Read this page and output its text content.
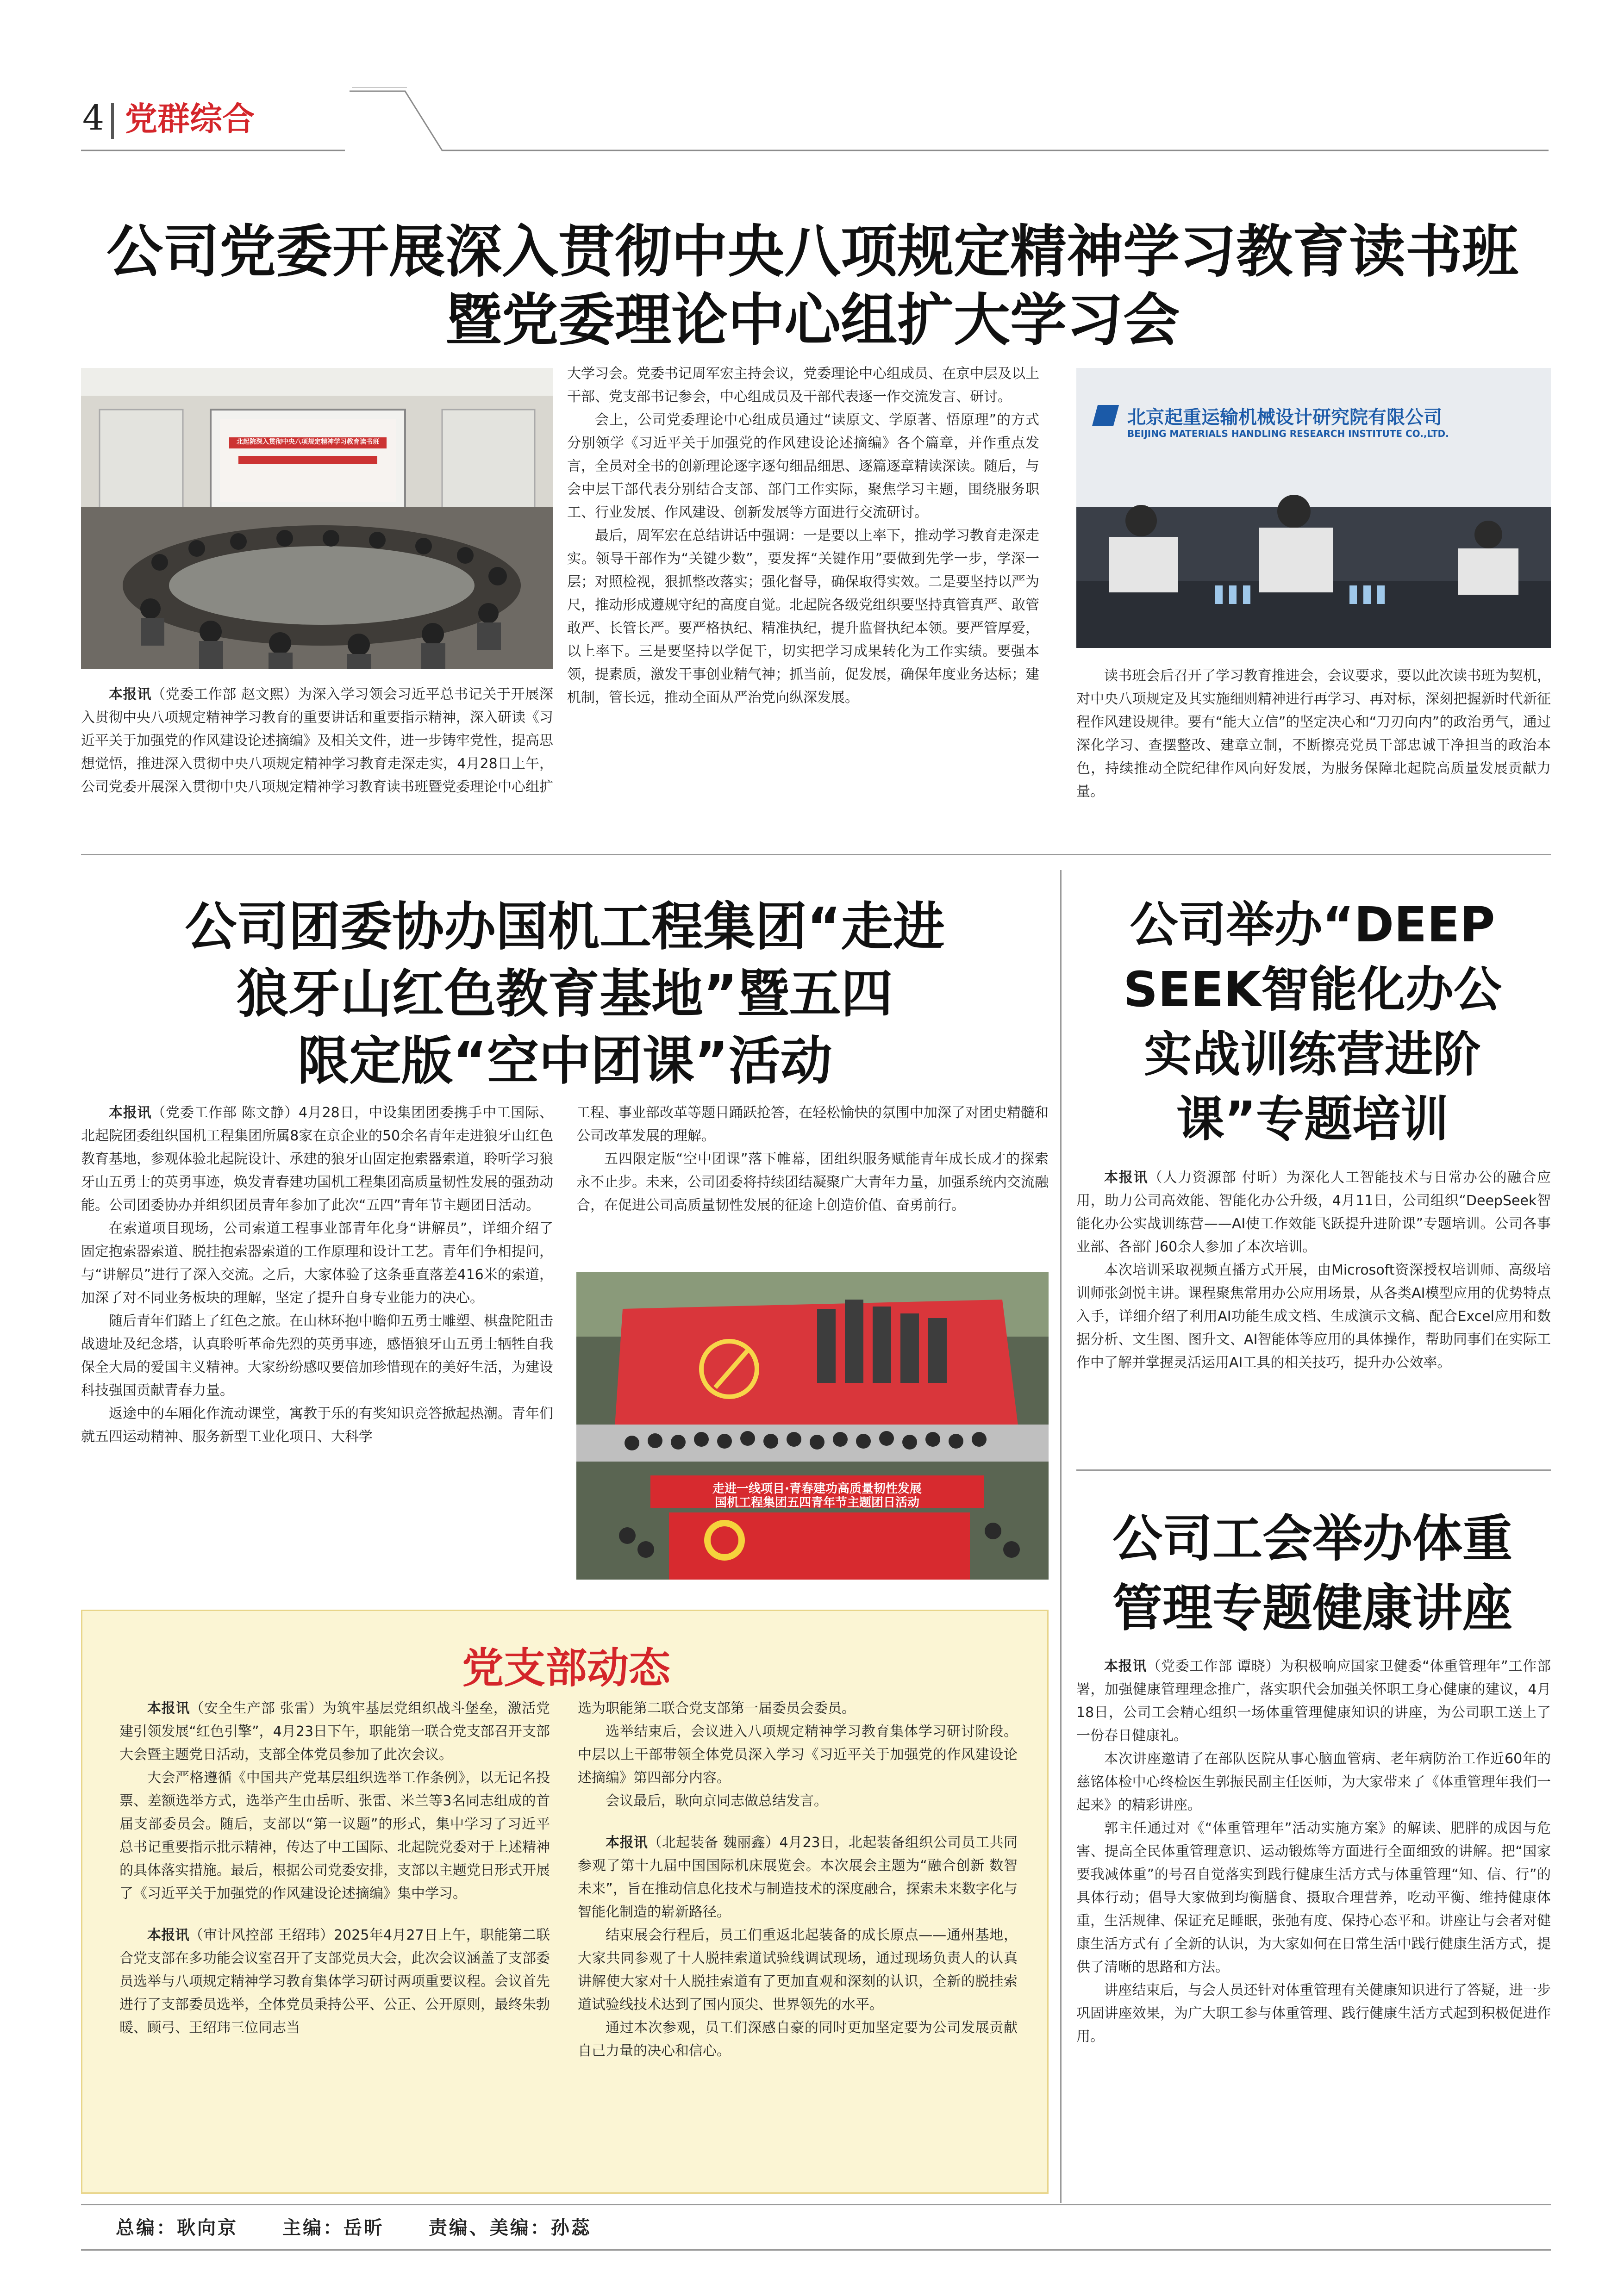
4 党群综合
公司党委开展深入贯彻中央八项规定精神学习教育读书班
暨党委理论中心组扩大学习会
北起院深入贯彻中央八项规定精神学习教育读书班

本报讯（党委工作部 赵文熙）为深入学习领会习近平总书记关于开展深入贯彻中央八项规定精神学习教育的重要讲话和重要指示精神，深入研读《习近平关于加强党的作风建设论述摘编》及相关文件，进一步铸牢党性，提高思想觉悟，推进深入贯彻中央八项规定精神学习教育走深走实，4月28日上午，公司党委开展深入贯彻中央八项规定精神学习教育读书班暨党委理论中心组扩

大学习会。党委书记周军宏主持会议，党委理论中心组成员、在京中层及以上干部、党支部书记参会，中心组成员及干部代表逐一作交流发言、研讨。

会上，公司党委理论中心组成员通过“读原文、学原著、悟原理”的方式分别领学《习近平关于加强党的作风建设论述摘编》各个篇章，并作重点发言，全员对全书的创新理论逐字逐句细品细思、逐篇逐章精读深读。随后，与会中层干部代表分别结合支部、部门工作实际，聚焦学习主题，围绕服务职工、行业发展、作风建设、创新发展等方面进行交流研讨。

最后，周军宏在总结讲话中强调：一是要以上率下，推动学习教育走深走实。领导干部作为“关键少数”，要发挥“关键作用”要做到先学一步，学深一层；对照检视，狠抓整改落实；强化督导，确保取得实效。二是要坚持以严为尺，推动形成遵规守纪的高度自觉。北起院各级党组织要坚持真管真严、敢管敢严、长管长严。要严格执纪、精准执纪，提升监督执纪本领。要严管厚爱，以上率下。三是要坚持以学促干，切实把学习成果转化为工作实绩。要强本领，提素质，激发干事创业精气神；抓当前，促发展，确保年度业务达标；建机制，管长远，推动全面从严治党向纵深发展。

北京起重运输机械设计研究院有限公司
BEIJING MATERIALS HANDLING RESEARCH INSTITUTE CO.,LTD.

读书班会后召开了学习教育推进会，会议要求，要以此次读书班为契机，对中央八项规定及其实施细则精神进行再学习、再对标，深刻把握新时代新征程作风建设规律。要有“能大立信”的坚定决心和“刀刃向内”的政治勇气，通过深化学习、查摆整改、建章立制，不断擦亮党员干部忠诚干净担当的政治本色，持续推动全院纪律作风向好发展，为服务保障北起院高质量发展贡献力量。

公司团委协办国机工程集团“走进
狼牙山红色教育基地”暨五四
限定版“空中团课”活动

本报讯（党委工作部 陈文静）4月28日，中设集团团委携手中工国际、北起院团委组织国机工程集团所属8家在京企业的50余名青年走进狼牙山红色教育基地，参观体验北起院设计、承建的狼牙山固定抱索器索道，聆听学习狼牙山五勇士的英勇事迹，焕发青春建功国机工程集团高质量韧性发展的强劲动能。公司团委协办并组织团员青年参加了此次“五四”青年节主题团日活动。

在索道项目现场，公司索道工程事业部青年化身“讲解员”，详细介绍了固定抱索器索道、脱挂抱索器索道的工作原理和设计工艺。青年们争相提问，与“讲解员”进行了深入交流。之后，大家体验了这条垂直落差416米的索道，加深了对不同业务板块的理解，坚定了提升自身专业能力的决心。

随后青年们踏上了红色之旅。在山林环抱中瞻仰五勇士雕塑、棋盘陀阻击战遗址及纪念塔，认真聆听革命先烈的英勇事迹，感悟狼牙山五勇士牺牲自我保全大局的爱国主义精神。大家纷纷感叹要倍加珍惜现在的美好生活，为建设科技强国贡献青春力量。

返途中的车厢化作流动课堂，寓教于乐的有奖知识竞答掀起热潮。青年们就五四运动精神、服务新型工业化项目、大科学

工程、事业部改革等题目踊跃抢答，在轻松愉快的氛围中加深了对团史精髓和公司改革发展的理解。

五四限定版“空中团课”落下帷幕，团组织服务赋能青年成长成才的探索永不止步。未来，公司团委将持续团结凝聚广大青年力量，加强系统内交流融合，在促进公司高质量韧性发展的征途上创造价值、奋勇前行。

走进一线项目·青春建功高质量韧性发展
国机工程集团五四青年节主题团日活动
公司举办“DEEP
SEEK智能化办公
实战训练营进阶
课”专题培训

本报讯（人力资源部 付昕）为深化人工智能技术与日常办公的融合应用，助力公司高效能、智能化办公升级，4月11日，公司组织“DeepSeek智能化办公实战训练营——AI使工作效能飞跃提升进阶课”专题培训。公司各事业部、各部门60余人参加了本次培训。

本次培训采取视频直播方式开展，由Microsoft资深授权培训师、高级培训师张剑悦主讲。课程聚焦常用办公应用场景，从各类AI模型应用的优势特点入手，详细介绍了利用AI功能生成文档、生成演示文稿、配合Excel应用和数据分析、文生图、图升文、AI智能体等应用的具体操作，帮助同事们在实际工作中了解并掌握灵活运用AI工具的相关技巧，提升办公效率。

公司工会举办体重
管理专题健康讲座

本报讯（党委工作部 谭晓）为积极响应国家卫健委“体重管理年”工作部署，加强健康管理理念推广，落实职代会加强关怀职工身心健康的建议，4月18日，公司工会精心组织一场体重管理健康知识的讲座，为公司职工送上了一份春日健康礼。

本次讲座邀请了在部队医院从事心脑血管病、老年病防治工作近60年的慈铭体检中心终检医生郭振民副主任医师，为大家带来了《体重管理年我们一起来》的精彩讲座。

郭主任通过对《“体重管理年”活动实施方案》的解读、肥胖的成因与危害、提高全民体重管理意识、运动锻炼等方面进行全面细致的讲解。把“国家要我减体重”的号召自觉落实到践行健康生活方式与体重管理“知、信、行”的具体行动；倡导大家做到均衡膳食、摄取合理营养，吃动平衡、维持健康体重，生活规律、保证充足睡眠，张弛有度、保持心态平和。讲座让与会者对健康生活方式有了全新的认识，为大家如何在日常生活中践行健康生活方式，提供了清晰的思路和方法。

讲座结束后，与会人员还针对体重管理有关健康知识进行了答疑，进一步巩固讲座效果，为广大职工参与体重管理、践行健康生活方式起到积极促进作用。

党支部动态

本报讯（安全生产部 张雷）为筑牢基层党组织战斗堡垒，激活党建引领发展“红色引擎”，4月23日下午，职能第一联合党支部召开支部大会暨主题党日活动，支部全体党员参加了此次会议。

大会严格遵循《中国共产党基层组织选举工作条例》，以无记名投票、差额选举方式，选举产生由岳昕、张雷、米兰等3名同志组成的首届支部委员会。随后，支部以“第一议题”的形式，集中学习了习近平总书记重要指示批示精神，传达了中工国际、北起院党委对于上述精神的具体落实措施。最后，根据公司党委安排，支部以主题党日形式开展了《习近平关于加强党的作风建设论述摘编》集中学习。

本报讯（审计风控部 王绍玮）2025年4月27日上午，职能第二联合党支部在多功能会议室召开了支部党员大会，此次会议涵盖了支部委员选举与八项规定精神学习教育集体学习研讨两项重要议程。会议首先进行了支部委员选举，全体党员秉持公平、公正、公开原则，最终朱勃暖、顾弓、王绍玮三位同志当

选为职能第二联合党支部第一届委员会委员。

选举结束后，会议进入八项规定精神学习教育集体学习研讨阶段。中层以上干部带领全体党员深入学习《习近平关于加强党的作风建设论述摘编》第四部分内容。

会议最后，耿向京同志做总结发言。

本报讯（北起装备 魏丽鑫）4月23日，北起装备组织公司员工共同参观了第十九届中国国际机床展览会。本次展会主题为“融合创新 数智未来”，旨在推动信息化技术与制造技术的深度融合，探索未来数字化与智能化制造的崭新路径。

结束展会行程后，员工们重返北起装备的成长原点——通州基地，大家共同参观了十人脱挂索道试验线调试现场，通过现场负责人的认真讲解使大家对十人脱挂索道有了更加直观和深刻的认识，全新的脱挂索道试验线技术达到了国内顶尖、世界领先的水平。

通过本次参观，员工们深感自豪的同时更加坚定要为公司发展贡献自己力量的决心和信心。

总编：耿向京 主编：岳昕 责编、美编：孙蕊
